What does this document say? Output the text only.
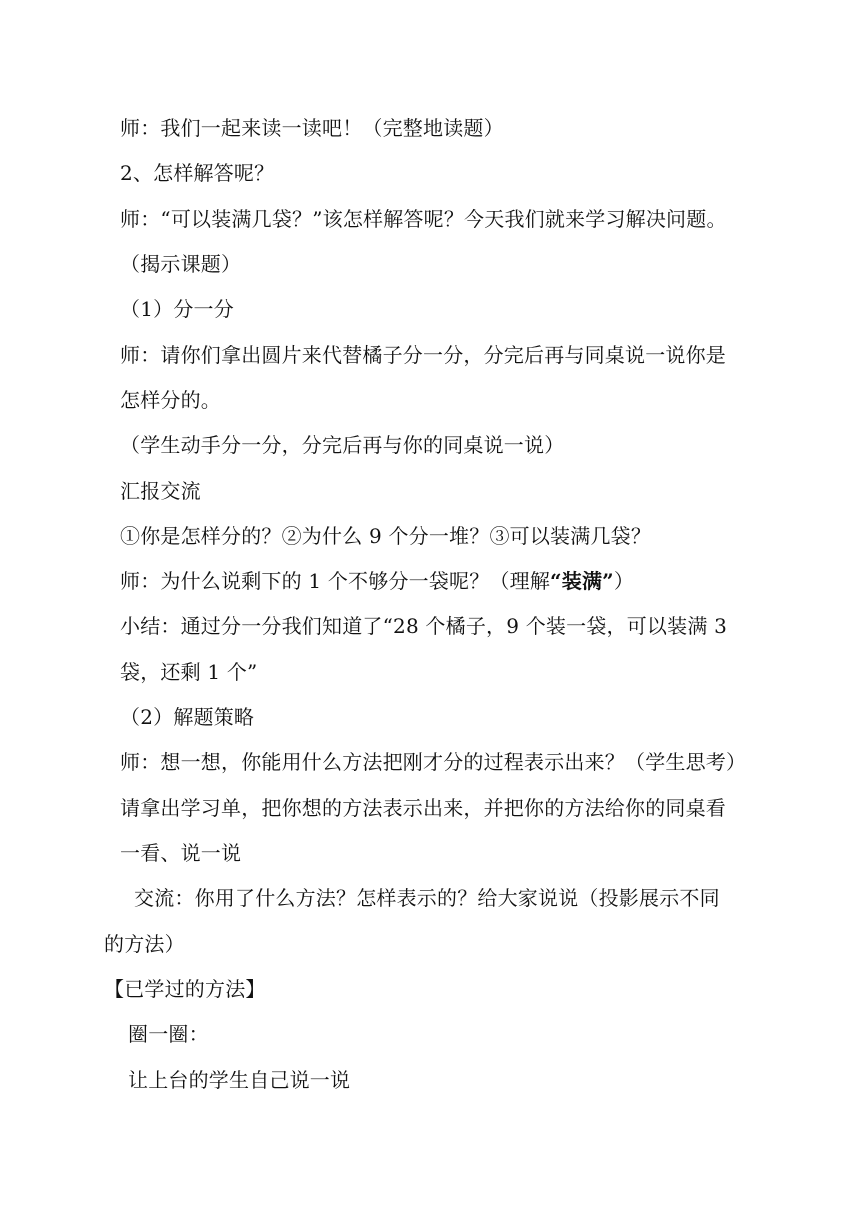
师：我们一起来读一读吧！（完整地读题）
2、怎样解答呢？
师：“可以装满几袋？”该怎样解答呢？今天我们就来学习解决问题。
（揭示课题）
（1）分一分
师：请你们拿出圆片来代替橘子分一分，分完后再与同桌说一说你是
怎样分的。
（学生动手分一分，分完后再与你的同桌说一说）
汇报交流
①你是怎样分的？②为什么 9 个分一堆？③可以装满几袋？
师：为什么说剩下的 1 个不够分一袋呢？（理解“装满”）
小结：通过分一分我们知道了“28 个橘子，9 个装一袋，可以装满 3
袋，还剩 1 个”
（2）解题策略
师：想一想，你能用什么方法把刚才分的过程表示出来？（学生思考）
请拿出学习单，把你想的方法表示出来，并把你的方法给你的同桌看
一看、说一说
交流：你用了什么方法？怎样表示的？给大家说说（投影展示不同
的方法）
【已学过的方法】
圈一圈：
让上台的学生自己说一说
